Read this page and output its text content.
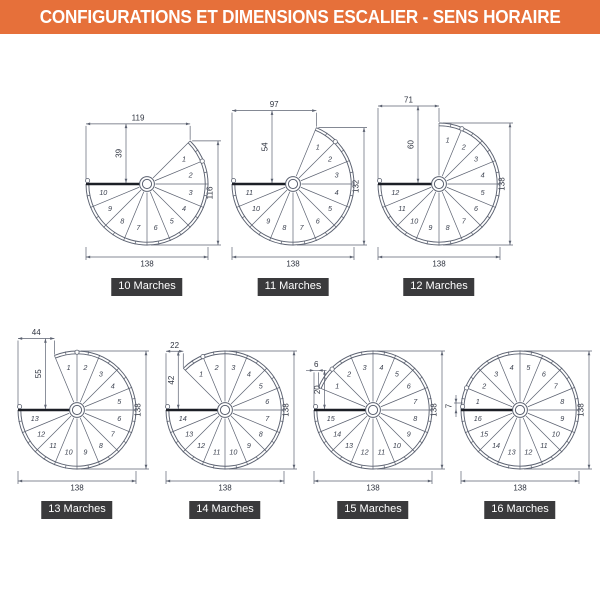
CONFIGURATIONS ET DIMENSIONS ESCALIER - SENS HORAIRE
119
39
116
138
1
2
3
4
5
6
7
8
9
10
10 Marches
97
54
132
138
1
2
3
4
5
6
7
8
9
10
11
11 Marches
71
60
138
138
1
2
3
4
5
6
7
8
9
10
11
12
12 Marches
44
55
138
138
1 2
3
4
5
6
7
8
9
10
11
12
13
13 Marches
22
42
138
138
1
2 3
4
5
6
7
8
9
10
11
12
13
14
14 Marches
6
20
138
138
1
2
3 4
5
6
7
8
9
10
11
12
13
14
15
15 Marches
7	138
138
1
2
3
4 5
6
7
8
9
10
11
12
13
14
15
16
16 Marches
